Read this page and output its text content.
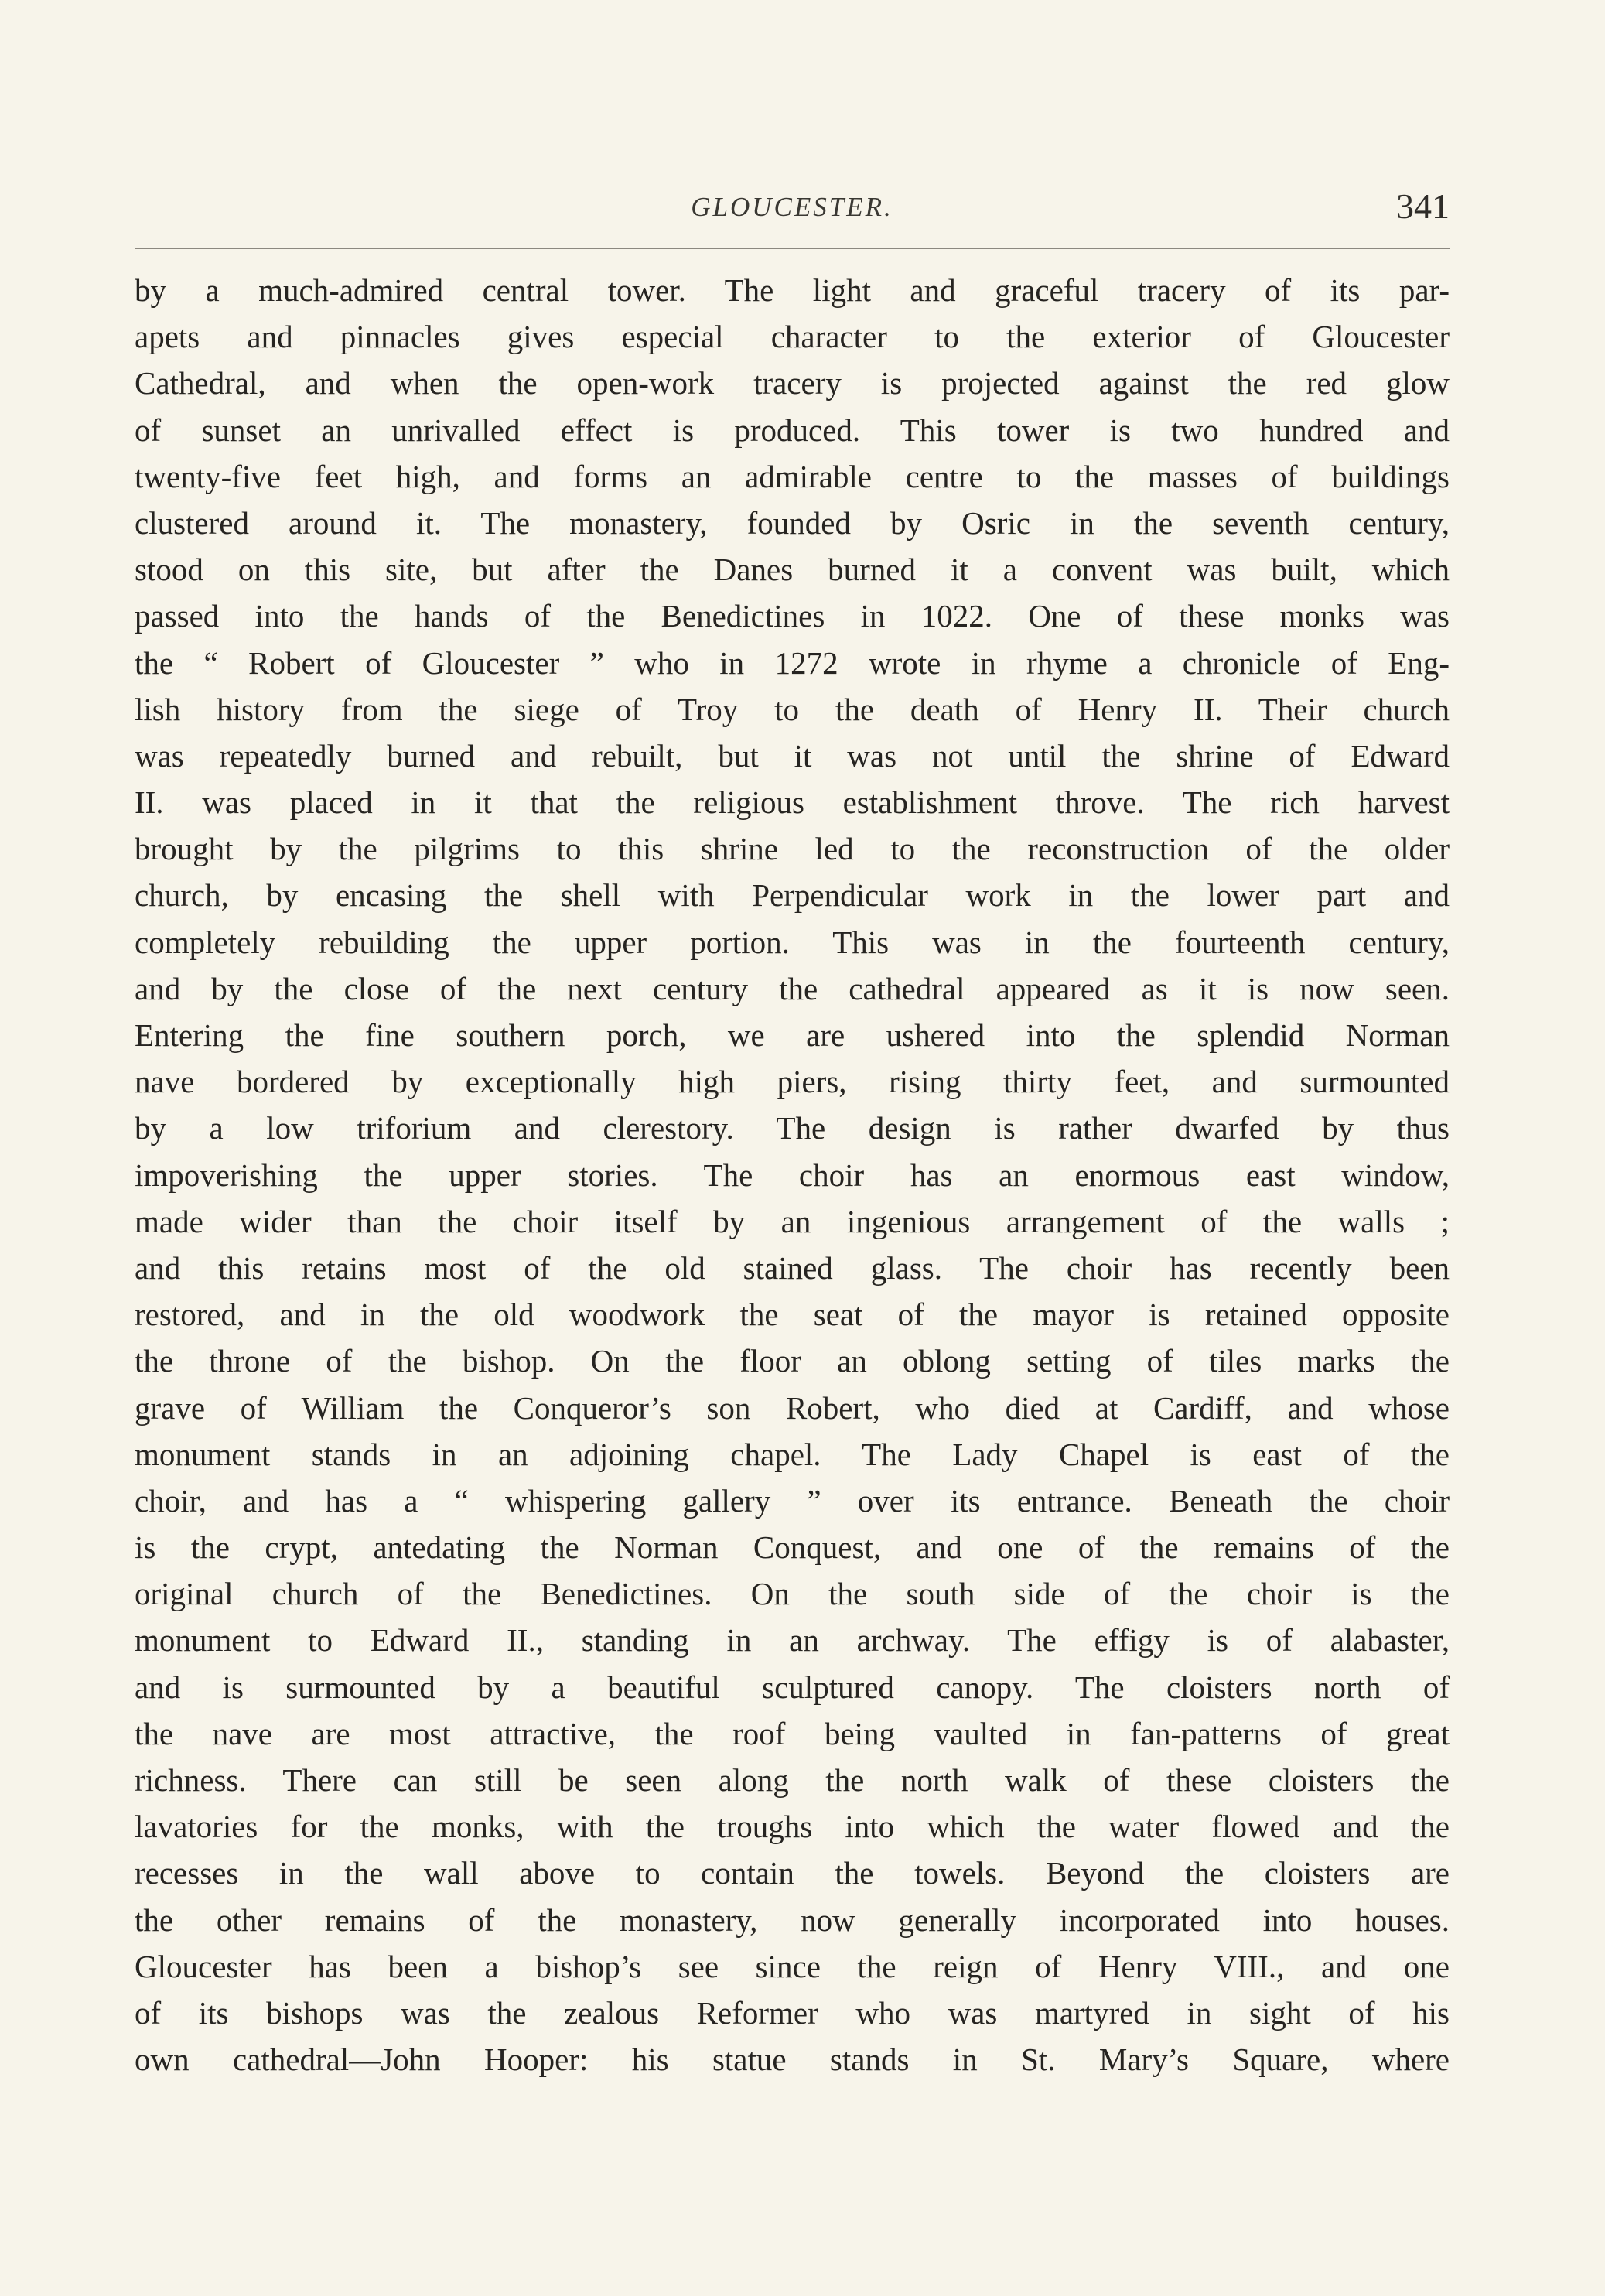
GLOUCESTER.	341
by a much-admired central tower. The light and graceful tracery of its par-
apets and pinnacles gives especial character to the exterior of Gloucester
Cathedral, and when the open-work tracery is projected against the red glow
of sunset an unrivalled effect is produced. This tower is two hundred and
twenty-five feet high, and forms an admirable centre to the masses of buildings
clustered around it. The monastery, founded by Osric in the seventh century,
stood on this site, but after the Danes burned it a convent was built, which
passed into the hands of the Benedictines in 1022. One of these monks was
the “ Robert of Gloucester ” who in 1272 wrote in rhyme a chronicle of Eng-
lish history from the siege of Troy to the death of Henry II. Their church
was repeatedly burned and rebuilt, but it was not until the shrine of Edward
II. was placed in it that the religious establishment throve. The rich harvest
brought by the pilgrims to this shrine led to the reconstruction of the older
church, by encasing the shell with Perpendicular work in the lower part and
completely rebuilding the upper portion. This was in the fourteenth century,
and by the close of the next century the cathedral appeared as it is now seen.
Entering the fine southern porch, we are ushered into the splendid Norman
nave bordered by exceptionally high piers, rising thirty feet, and surmounted
by a low triforium and clerestory. The design is rather dwarfed by thus
impoverishing the upper stories. The choir has an enormous east window,
made wider than the choir itself by an ingenious arrangement of the walls ;
and this retains most of the old stained glass. The choir has recently been
restored, and in the old woodwork the seat of the mayor is retained opposite
the throne of the bishop. On the floor an oblong setting of tiles marks the
grave of William the Conqueror’s son Robert, who died at Cardiff, and whose
monument stands in an adjoining chapel. The Lady Chapel is east of the
choir, and has a “ whispering gallery ” over its entrance. Beneath the choir
is the crypt, antedating the Norman Conquest, and one of the remains of the
original church of the Benedictines. On the south side of the choir is the
monument to Edward II., standing in an archway. The effigy is of alabaster,
and is surmounted by a beautiful sculptured canopy. The cloisters north of
the nave are most attractive, the roof being vaulted in fan-patterns of great
richness. There can still be seen along the north walk of these cloisters the
lavatories for the monks, with the troughs into which the water flowed and the
recesses in the wall above to contain the towels. Beyond the cloisters are
the other remains of the monastery, now generally incorporated into houses.
Gloucester has been a bishop’s see since the reign of Henry VIII., and one
of its bishops was the zealous Reformer who was martyred in sight of his
own cathedral—John Hooper: his statue stands in St. Mary’s Square, where
